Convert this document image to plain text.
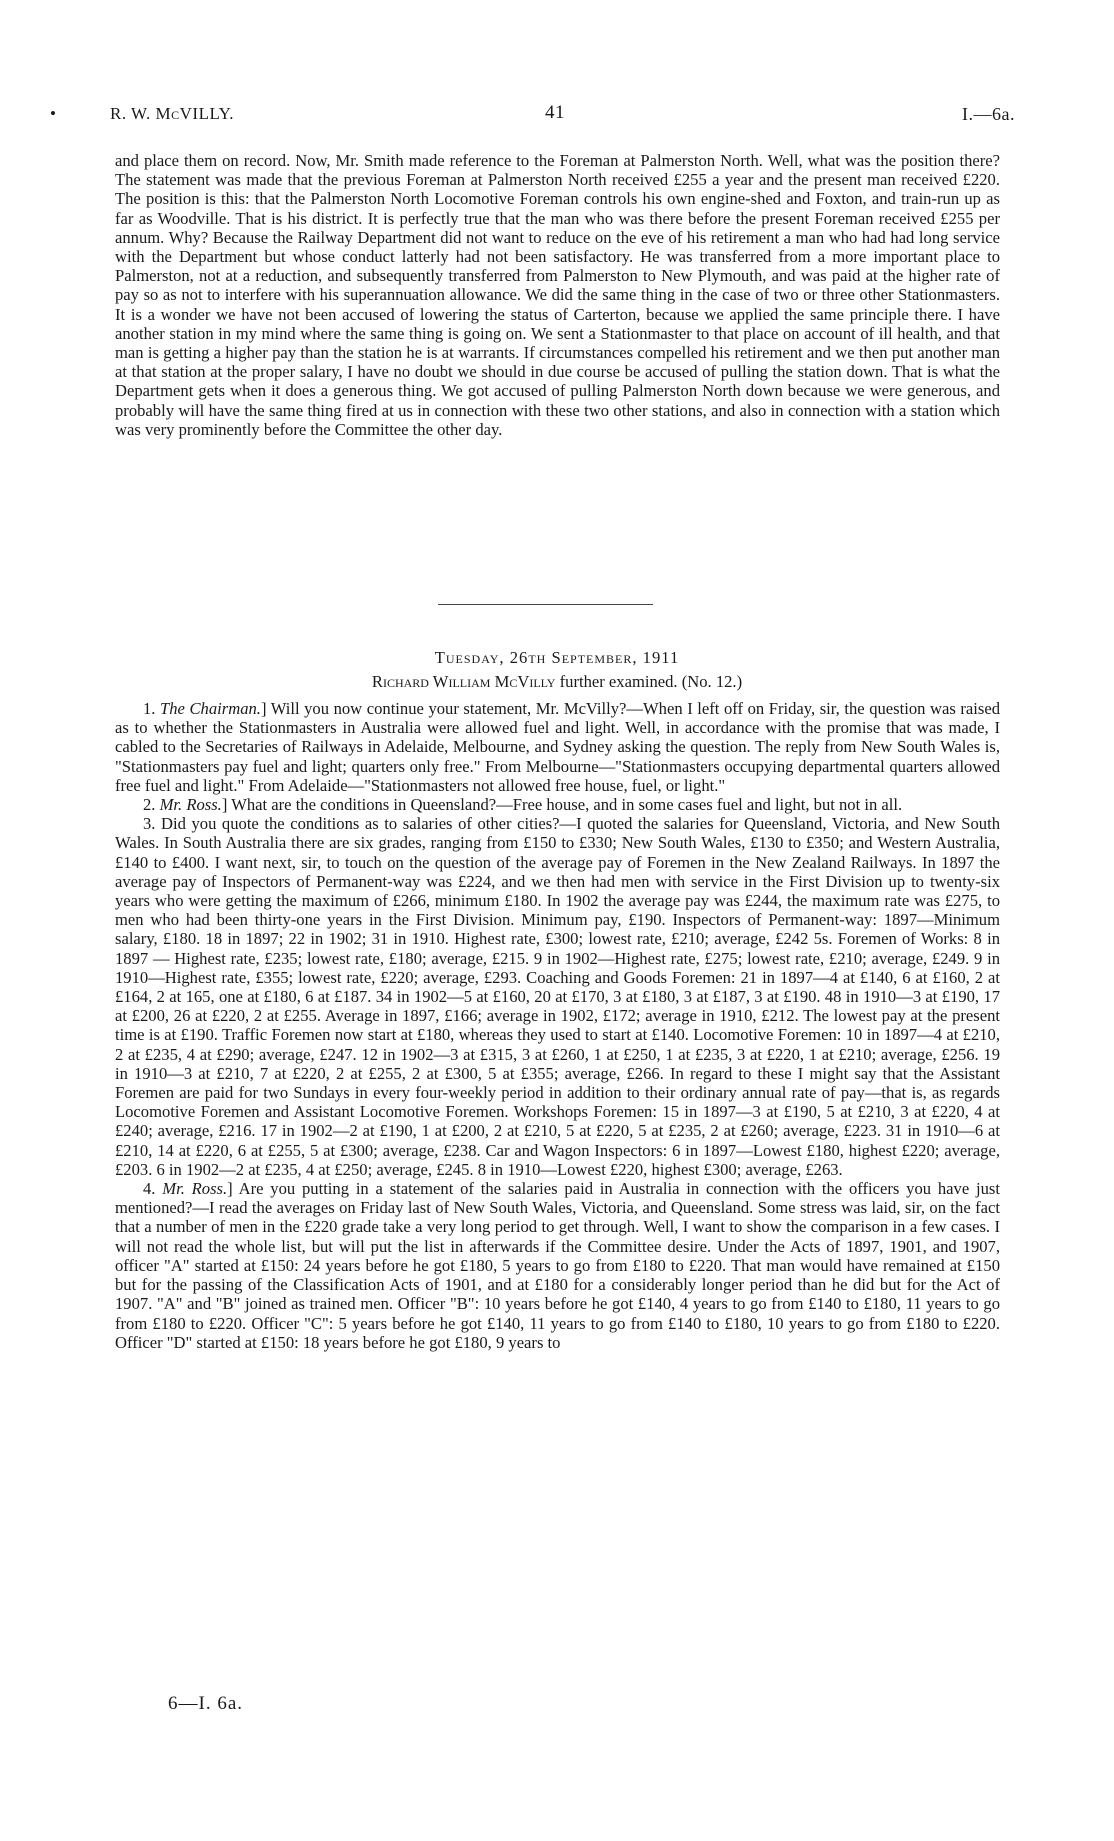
•	R. W. McVILLY.	41	I.—6a.

and place them on record. Now, Mr. Smith made reference to the Foreman at Palmerston North. Well, what was the position there? The statement was made that the previous Foreman at Palmerston North received £255 a year and the present man received £220. The position is this: that the Palmerston North Locomotive Foreman controls his own engine-shed and Foxton, and train-run up as far as Woodville. That is his district. It is perfectly true that the man who was there before the present Foreman received £255 per annum. Why? Because the Railway Department did not want to reduce on the eve of his retirement a man who had had long service with the Department but whose conduct latterly had not been satisfactory. He was transferred from a more important place to Palmerston, not at a reduction, and subsequently transferred from Palmerston to New Plymouth, and was paid at the higher rate of pay so as not to interfere with his superannuation allowance. We did the same thing in the case of two or three other Stationmasters. It is a wonder we have not been accused of lowering the status of Carterton, because we applied the same principle there. I have another station in my mind where the same thing is going on. We sent a Stationmaster to that place on account of ill health, and that man is getting a higher pay than the station he is at warrants. If circumstances compelled his retirement and we then put another man at that station at the proper salary, I have no doubt we should in due course be accused of pulling the station down. That is what the Department gets when it does a generous thing. We got accused of pulling Palmerston North down because we were generous, and probably will have the same thing fired at us in connection with these two other stations, and also in connection with a station which was very prominently before the Committee the other day.

Tuesday, 26th September, 1911
Richard William McVilly further examined. (No. 12.)

1. The Chairman.] Will you now continue your statement, Mr. McVilly?—When I left off on Friday, sir, the question was raised as to whether the Stationmasters in Australia were allowed fuel and light. Well, in accordance with the promise that was made, I cabled to the Secretaries of Railways in Adelaide, Melbourne, and Sydney asking the question. The reply from New South Wales is, "Stationmasters pay fuel and light; quarters only free." From Melbourne—"Stationmasters occupying departmental quarters allowed free fuel and light." From Adelaide—"Stationmasters not allowed free house, fuel, or light."

2. Mr. Ross.] What are the conditions in Queensland?—Free house, and in some cases fuel and light, but not in all.

3. Did you quote the conditions as to salaries of other cities?—I quoted the salaries for Queensland, Victoria, and New South Wales. In South Australia there are six grades, ranging from £150 to £330; New South Wales, £130 to £350; and Western Australia, £140 to £400. I want next, sir, to touch on the question of the average pay of Foremen in the New Zealand Railways. In 1897 the average pay of Inspectors of Permanent-way was £224, and we then had men with service in the First Division up to twenty-six years who were getting the maximum of £266, minimum £180. In 1902 the average pay was £244, the maximum rate was £275, to men who had been thirty-one years in the First Division. Minimum pay, £190. Inspectors of Permanent-way: 1897—Minimum salary, £180. 18 in 1897; 22 in 1902; 31 in 1910. Highest rate, £300; lowest rate, £210; average, £242 5s. Foremen of Works: 8 in 1897 — Highest rate, £235; lowest rate, £180; average, £215. 9 in 1902—Highest rate, £275; lowest rate, £210; average, £249. 9 in 1910—Highest rate, £355; lowest rate, £220; average, £293. Coaching and Goods Foremen: 21 in 1897—4 at £140, 6 at £160, 2 at £164, 2 at 165, one at £180, 6 at £187. 34 in 1902—5 at £160, 20 at £170, 3 at £180, 3 at £187, 3 at £190. 48 in 1910—3 at £190, 17 at £200, 26 at £220, 2 at £255. Average in 1897, £166; average in 1902, £172; average in 1910, £212. The lowest pay at the present time is at £190. Traffic Foremen now start at £180, whereas they used to start at £140. Locomotive Foremen: 10 in 1897—4 at £210, 2 at £235, 4 at £290; average, £247. 12 in 1902—3 at £315, 3 at £260, 1 at £250, 1 at £235, 3 at £220, 1 at £210; average, £256. 19 in 1910—3 at £210, 7 at £220, 2 at £255, 2 at £300, 5 at £355; average, £266. In regard to these I might say that the Assistant Foremen are paid for two Sundays in every four-weekly period in addition to their ordinary annual rate of pay—that is, as regards Locomotive Foremen and Assistant Locomotive Foremen. Workshops Foremen: 15 in 1897—3 at £190, 5 at £210, 3 at £220, 4 at £240; average, £216. 17 in 1902—2 at £190, 1 at £200, 2 at £210, 5 at £220, 5 at £235, 2 at £260; average, £223. 31 in 1910—6 at £210, 14 at £220, 6 at £255, 5 at £300; average, £238. Car and Wagon Inspectors: 6 in 1897—Lowest £180, highest £220; average, £203. 6 in 1902—2 at £235, 4 at £250; average, £245. 8 in 1910—Lowest £220, highest £300; average, £263.

4. Mr. Ross.] Are you putting in a statement of the salaries paid in Australia in connection with the officers you have just mentioned?—I read the averages on Friday last of New South Wales, Victoria, and Queensland. Some stress was laid, sir, on the fact that a number of men in the £220 grade take a very long period to get through. Well, I want to show the comparison in a few cases. I will not read the whole list, but will put the list in afterwards if the Committee desire. Under the Acts of 1897, 1901, and 1907, officer "A" started at £150: 24 years before he got £180, 5 years to go from £180 to £220. That man would have remained at £150 but for the passing of the Classification Acts of 1901, and at £180 for a considerably longer period than he did but for the Act of 1907. "A" and "B" joined as trained men. Officer "B": 10 years before he got £140, 4 years to go from £140 to £180, 11 years to go from £180 to £220. Officer "C": 5 years before he got £140, 11 years to go from £140 to £180, 10 years to go from £180 to £220. Officer "D" started at £150: 18 years before he got £180, 9 years to

6—I. 6a.
